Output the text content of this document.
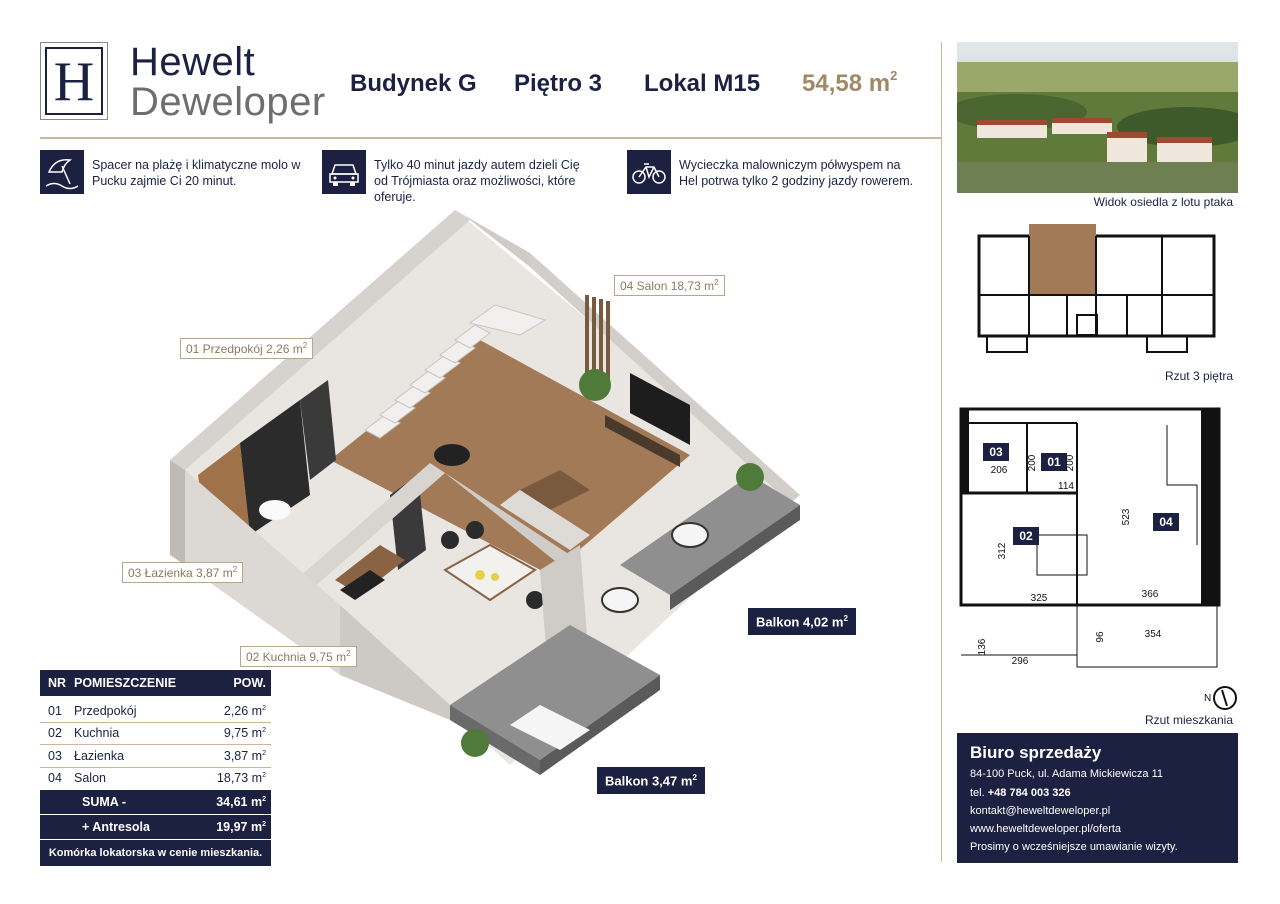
H Hewelt
Deweloper Budynek G Piętro 3 Lokal M15 54,58 $m^2$
Spacer na plażę i klimatyczne molo w Pucku zajmie Ci 20 minut.
Tylko 40 minut jazdy autem dzieli Cię od Trójmiasta oraz możliwości, które oferuje.
Wycieczka malowniczym półwyspem na Hel potrwa tylko 2 godziny jazdy rowerem.
04 Salon 18,73 $m^2$
01 Przedpokój 2,26 $m^2$
03 Łazienka 3,87 $m^2$
02 Kuchnia 9,75 $m^2$
Balkon 4,02 $m^2$
Balkon 3,47 $m^2$
NR POMIESZCZENIE	POW.
01 Przedpokój	2,26 $m^2$
02 Kuchnia	9,75 $m^2$
03 Łazienka	3,87 $m^2$
04 Salon	18,73 $m^2$
SUMA -	34,61 $m^2$
+ Antresola	19,97 $m^2$
Komórka lokatorska w cenie mieszkania.
Widok osiedla z lotu ptaka
Rzut 3 piętra
03
01
02
04
206 200	200
114
523
312
325	366
136
96	354
296
N
Rzut mieszkania
Biuro sprzedaży
84-100 Puck, ul. Adama Mickiewicza 11
tel. +48 784 003 326
kontakt@heweltdeweloper.pl
www.heweltdeweloper.pl/oferta
Prosimy o wcześniejsze umawianie wizyty.
